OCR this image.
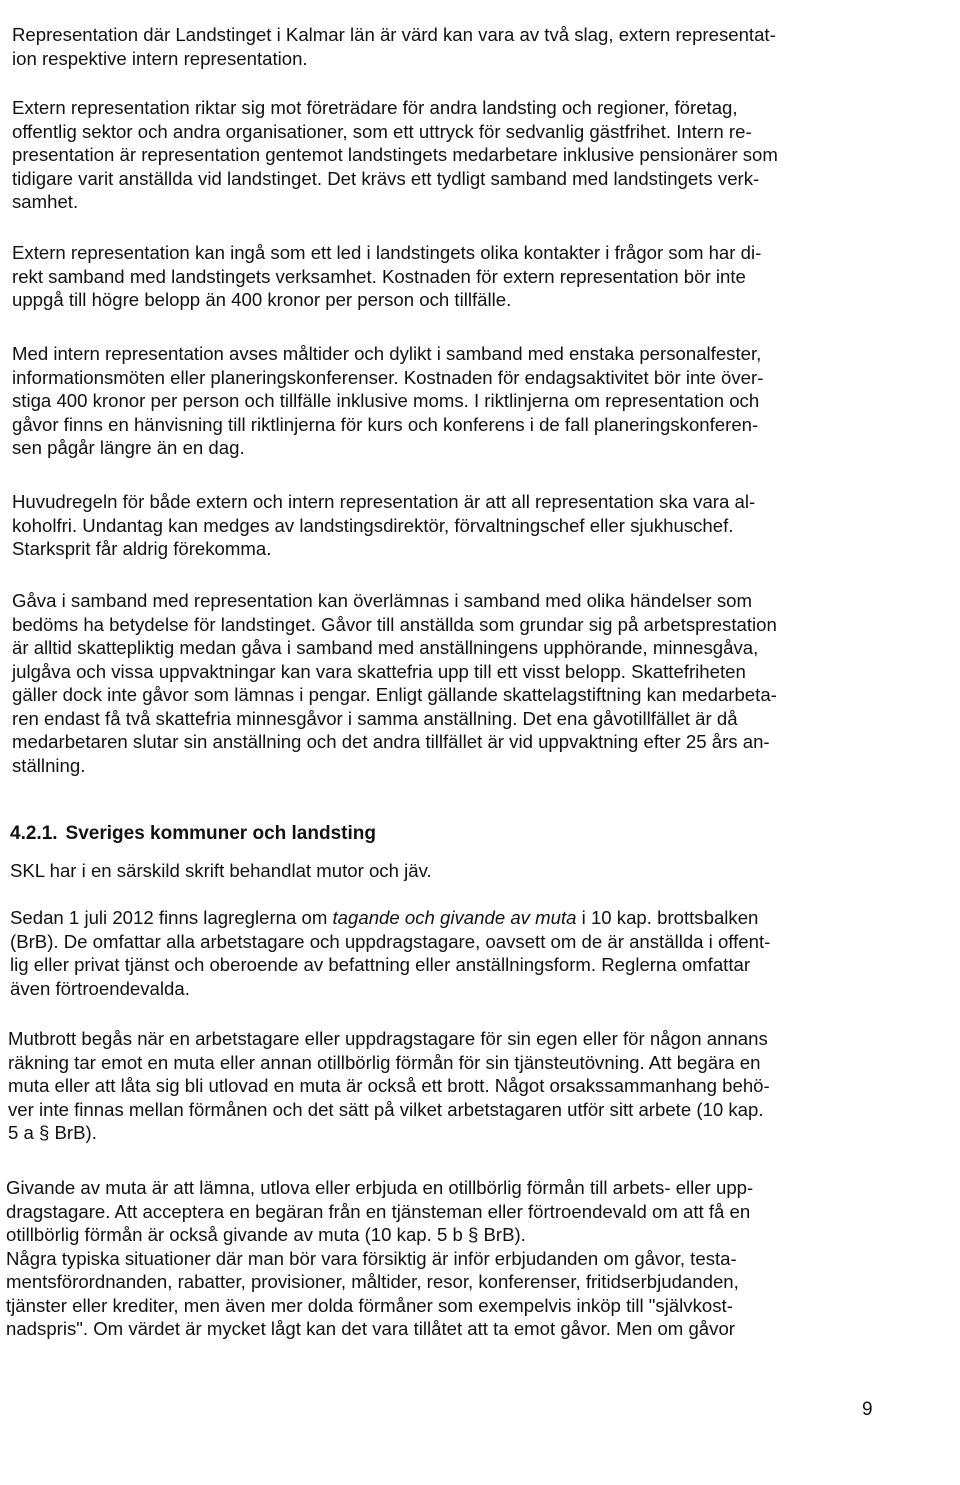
Representation där Landstinget i Kalmar län är värd kan vara av två slag, extern representat-
ion respektive intern representation.

Extern representation riktar sig mot företrädare för andra landsting och regioner, företag,
offentlig sektor och andra organisationer, som ett uttryck för sedvanlig gästfrihet. Intern re-
presentation är representation gentemot landstingets medarbetare inklusive pensionärer som
tidigare varit anställda vid landstinget. Det krävs ett tydligt samband med landstingets verk-
samhet.

Extern representation kan ingå som ett led i landstingets olika kontakter i frågor som har di-
rekt samband med landstingets verksamhet. Kostnaden för extern representation bör inte
uppgå till högre belopp än 400 kronor per person och tillfälle.

Med intern representation avses måltider och dylikt i samband med enstaka personalfester,
informationsmöten eller planeringskonferenser. Kostnaden för endagsaktivitet bör inte över-
stiga 400 kronor per person och tillfälle inklusive moms. I riktlinjerna om representation och
gåvor finns en hänvisning till riktlinjerna för kurs och konferens i de fall planeringskonferen-
sen pågår längre än en dag.

Huvudregeln för både extern och intern representation är att all representation ska vara al-
koholfri. Undantag kan medges av landstingsdirektör, förvaltningschef eller sjukhuschef.
Starksprit får aldrig förekomma.

Gåva i samband med representation kan överlämnas i samband med olika händelser som
bedöms ha betydelse för landstinget. Gåvor till anställda som grundar sig på arbetsprestation
är alltid skattepliktig medan gåva i samband med anställningens upphörande, minnesgåva,
julgåva och vissa uppvaktningar kan vara skattefria upp till ett visst belopp. Skattefriheten
gäller dock inte gåvor som lämnas i pengar. Enligt gällande skattelagstiftning kan medarbeta-
ren endast få två skattefria minnesgåvor i samma anställning. Det ena gåvotillfället är då
medarbetaren slutar sin anställning och det andra tillfället är vid uppvaktning efter 25 års an-
ställning.

4.2.1. Sveriges kommuner och landsting

SKL har i en särskild skrift behandlat mutor och jäv.

Sedan 1 juli 2012 finns lagreglerna om tagande och givande av muta i 10 kap. brottsbalken
(BrB). De omfattar alla arbetstagare och uppdragstagare, oavsett om de är anställda i offent-
lig eller privat tjänst och oberoende av befattning eller anställningsform. Reglerna omfattar
även förtroendevalda.

Mutbrott begås när en arbetstagare eller uppdragstagare för sin egen eller för någon annans
räkning tar emot en muta eller annan otillbörlig förmån för sin tjänsteutövning. Att begära en
muta eller att låta sig bli utlovad en muta är också ett brott. Något orsakssammanhang behö-
ver inte finnas mellan förmånen och det sätt på vilket arbetstagaren utför sitt arbete (10 kap.
5 a § BrB).

Givande av muta är att lämna, utlova eller erbjuda en otillbörlig förmån till arbets- eller upp-
dragstagare. Att acceptera en begäran från en tjänsteman eller förtroendevald om att få en
otillbörlig förmån är också givande av muta (10 kap. 5 b § BrB).
Några typiska situationer där man bör vara försiktig är inför erbjudanden om gåvor, testa-
mentsförordnanden, rabatter, provisioner, måltider, resor, konferenser, fritidserbjudanden,
tjänster eller krediter, men även mer dolda förmåner som exempelvis inköp till "självkost-
nadspris". Om värdet är mycket lågt kan det vara tillåtet att ta emot gåvor. Men om gåvor

9
